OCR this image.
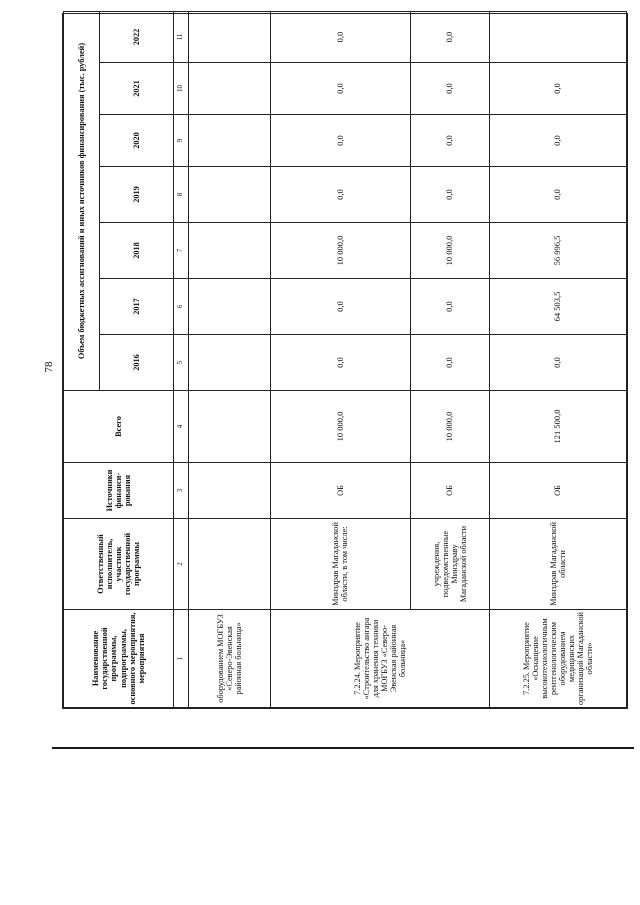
78
Наименование государственной программы, подпрограммы, основного мероприятия, мероприятия	Ответственный исполнитель, участник государственной программы	Источники финанси-рования	Всего	Объем бюджетных ассигнований и иных источников финансирования (тыс. рублей)						
				2016	2017	2018	2019	2020	2021	2022
1	2	3	4	5	6	7	8	9	10	11
оборудованием МОГБУЗ «Северо-Эвенская районная больница»										
7.2.24. Мероприятие «Строительство ангара для хранения техники МОГБУЗ «Северо-Эвенская районная больница»	Минздрав Магаданской области, в том числе:	ОБ	10 000,0	0,0	0,0	10 000,0	0,0	0,0	0,0	0,0
	учреждения, подведомственные Минздраву Магаданской области	ОБ	10 000,0	0,0	0,0	10 000,0	0,0	0,0	0,0	0,0
7.2.25. Мероприятие «Оснащение высокотехнологичным рентгенологическим оборудованием медицинских организаций Магаданской области»	Минздрав Магаданской области	ОБ	121 500,0	0,0	64 503,5	56 996,5	0,0	0,0	0,0	
